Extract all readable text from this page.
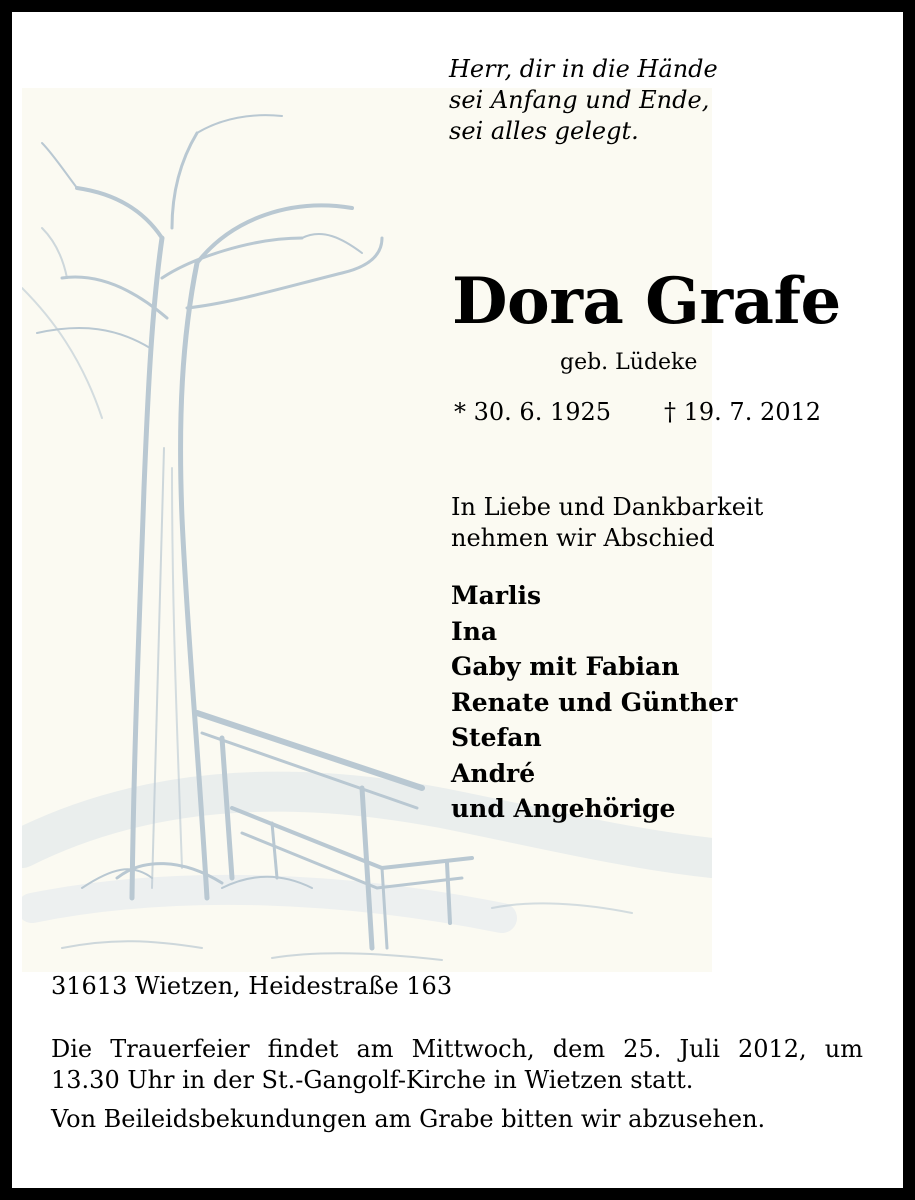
Herr, dir in die Hände
sei Anfang und Ende,
sei alles gelegt.
Dora Grafe
geb. Lüdeke
* 30. 6. 1925 † 19. 7. 2012
In Liebe und Dankbarkeit
nehmen wir Abschied
Marlis
Ina
Gaby mit Fabian
Renate und Günther
Stefan
André
und Angehörige
31613 Wietzen, Heidestraße 163
Die Trauerfeier findet am Mittwoch, dem 25. Juli 2012, um
13.30 Uhr in der St.-Gangolf-Kirche in Wietzen statt.
Von Beileidsbekundungen am Grabe bitten wir abzusehen.
